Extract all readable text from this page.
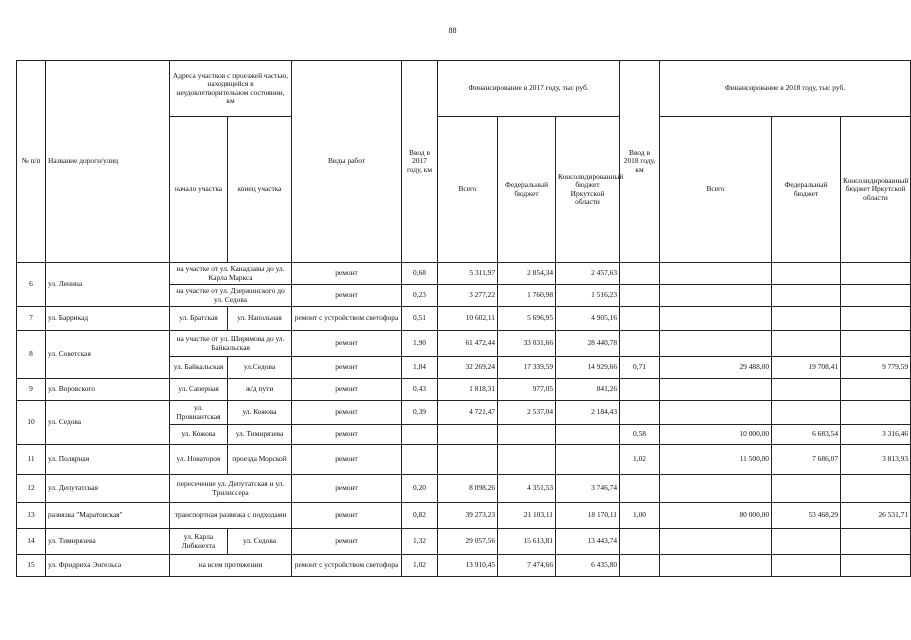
88
№ п/п	Название дороги/улиц	Адреса участков с проезжей частью, находящейся в неудовлетворительном состоянии, км		Виды работ	Ввод в 2017 году, км	Финансирование в 2017 году, тыс руб.			Ввод в 2018 году, км	Финансирование в 2018 году, тыс руб.		
		начало участка	конец участка			Всего	Федеральный бюджет	Консолидированный бюджет Иркутской области		Всего	Федеральный бюджет	Консолидированный бюджет Иркутской области
6	ул. Ленина	на участке от ул. Канадзавы до ул. Карла Маркса		ремонт	0,68	5 311,97	2 854,34	2 457,63				
		на участке от ул. Дзержинского до ул. Седова		ремонт	0,23	3 277,22	1 760,98	1 516,23				
7	ул. Баррикад	ул. Братская	ул. Напольная	ремонт с устройством светофора	0,51	10 602,11	5 696,95	4 905,16				
8	ул. Советская	на участке от ул. Ширямова до ул. Байкальская		ремонт	1,90	61 472,44	33 031,66	28 440,78				
		ул. Байкальская	ул.Седова	ремонт	1,84	32 269,24	17 339,59	14 929,66	0,71	29 488,00	19 708,41	9 779,59
9	ул. Воровского	ул. Саперная	ж/д пути	ремонт	0,43	1 818,31	977,05	841,26				
10	ул. Седова	ул. Провиантская	ул. Кожова	ремонт	0,39	4 721,47	2 537,04	2 184,43				
		ул. Кожова	ул. Тимирязева	ремонт					0,58	10 000,00	6 683,54	3 316,46
11	ул. Полярная	ул. Новаторов	проезда Морской	ремонт					1,02	11 500,00	7 686,07	3 813,93
12	ул. Депутатская	пересечение ул. Депутатская и ул. Трилиссера		ремонт	0,20	8 098,26	4 351,53	3 746,74				
13	развязка "Маратовская"	транспортная развязка с подходами		ремонт	0,82	39 273,23	21 103,11	18 170,11	1,00	80 000,00	53 468,29	26 531,71
14	ул. Тимирязева	ул. Карла Либкнехта	ул. Седова	ремонт	1,32	29 057,56	15 613,81	13 443,74				
15	ул. Фридриха Энгельса	на всем протяжении		ремонт с устройством светофора	1,02	13 910,45	7 474,66	6 435,80				
